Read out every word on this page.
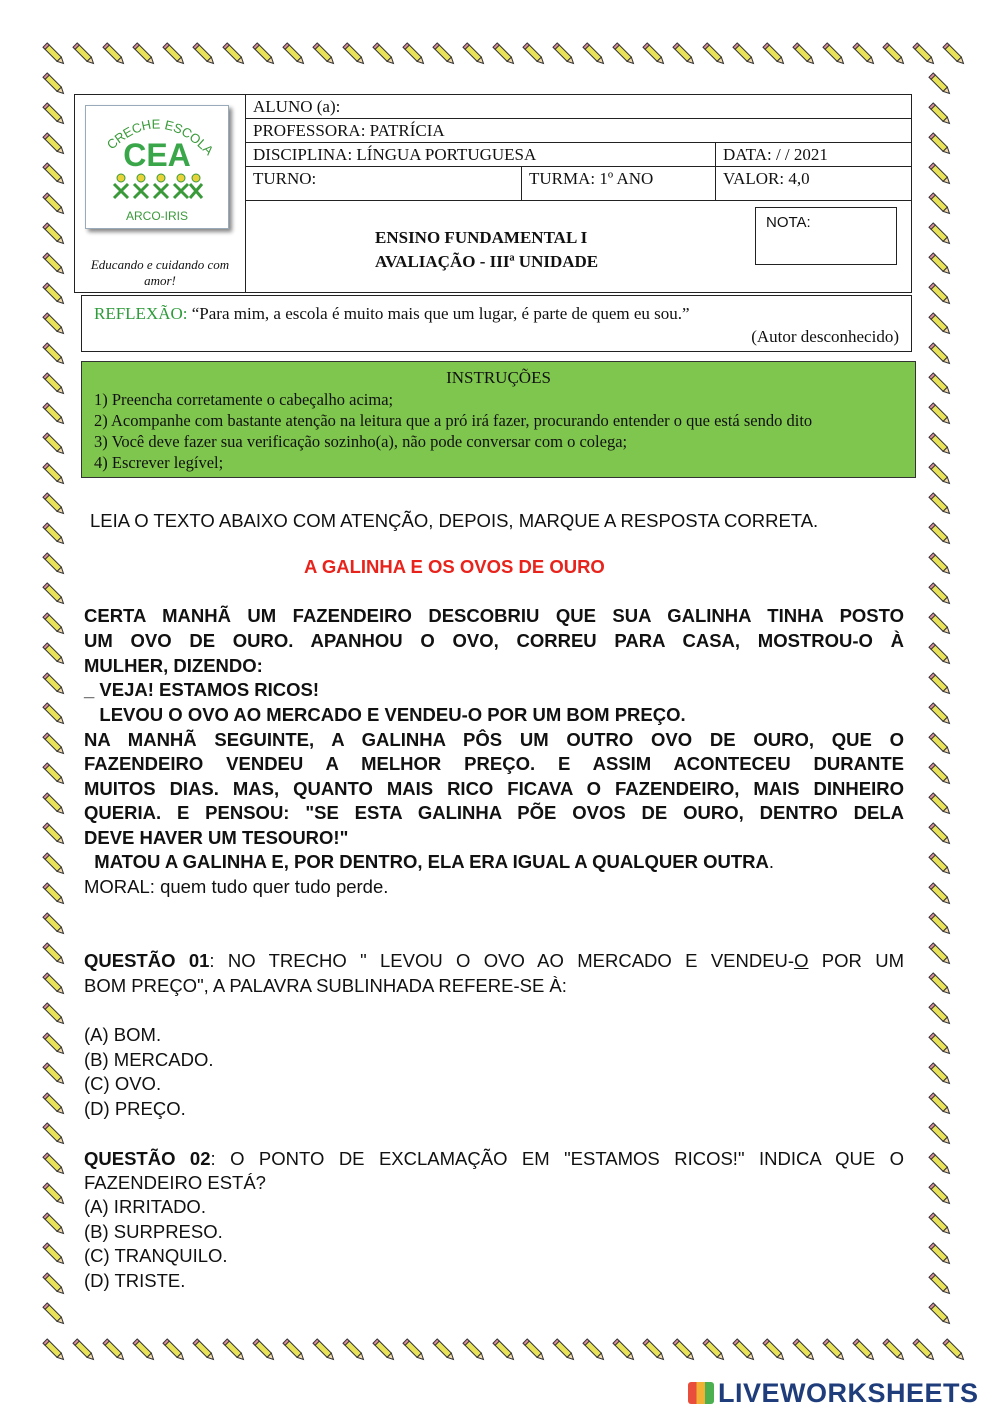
CRECHE ESCOLA
CEA
ARCO-IRIS
Educando e cuidando com amor!
ALUNO (a):
PROFESSORA: PATRÍCIA
DISCIPLINA: LÍNGUA PORTUGUESA	DATA: / / 2021
TURNO:	TURMA: 1º ANO	VALOR: 4,0
ENSINO FUNDAMENTAL I
AVALIAÇÃO - IIIª UNIDADE
NOTA:
REFLEXÃO: “Para mim, a escola é muito mais que um lugar, é parte de quem eu sou.”
(Autor desconhecido)
INSTRUÇÕES
1) Preencha corretamente o cabeçalho acima;
2) Acompanhe com bastante atenção na leitura que a pró irá fazer, procurando entender o que está sendo dito
3) Você deve fazer sua verificação sozinho(a), não pode conversar com o colega;
4) Escrever legível;
LEIA O TEXTO ABAIXO COM ATENÇÃO, DEPOIS, MARQUE A RESPOSTA CORRETA.
A GALINHA E OS OVOS DE OURO
CERTA MANHÃ UM FAZENDEIRO DESCOBRIU QUE SUA GALINHA TINHA POSTO
UM OVO DE OURO. APANHOU O OVO, CORREU PARA CASA, MOSTROU-O À
MULHER, DIZENDO:
_ VEJA! ESTAMOS RICOS!
LEVOU O OVO AO MERCADO E VENDEU-O POR UM BOM PREÇO.
NA MANHÃ SEGUINTE, A GALINHA PÔS UM OUTRO OVO DE OURO, QUE O
FAZENDEIRO VENDEU A MELHOR PREÇO. E ASSIM ACONTECEU DURANTE
MUITOS DIAS. MAS, QUANTO MAIS RICO FICAVA O FAZENDEIRO, MAIS DINHEIRO
QUERIA. E PENSOU: "SE ESTA GALINHA PÕE OVOS DE OURO, DENTRO DELA
DEVE HAVER UM TESOURO!"
MATOU A GALINHA E, POR DENTRO, ELA ERA IGUAL A QUALQUER OUTRA.
MORAL: quem tudo quer tudo perde.
QUESTÃO 01: NO TRECHO " LEVOU O OVO AO MERCADO E VENDEU-O POR UM
BOM PREÇO", A PALAVRA SUBLINHADA REFERE-SE À:
(A) BOM.
(B) MERCADO.
(C) OVO.
(D) PREÇO.
QUESTÃO 02: O PONTO DE EXCLAMAÇÃO EM "ESTAMOS RICOS!" INDICA QUE O
FAZENDEIRO ESTÁ?
(A) IRRITADO.
(B) SURPRESO.
(C) TRANQUILO.
(D) TRISTE.
LIVEWORKSHEETS
